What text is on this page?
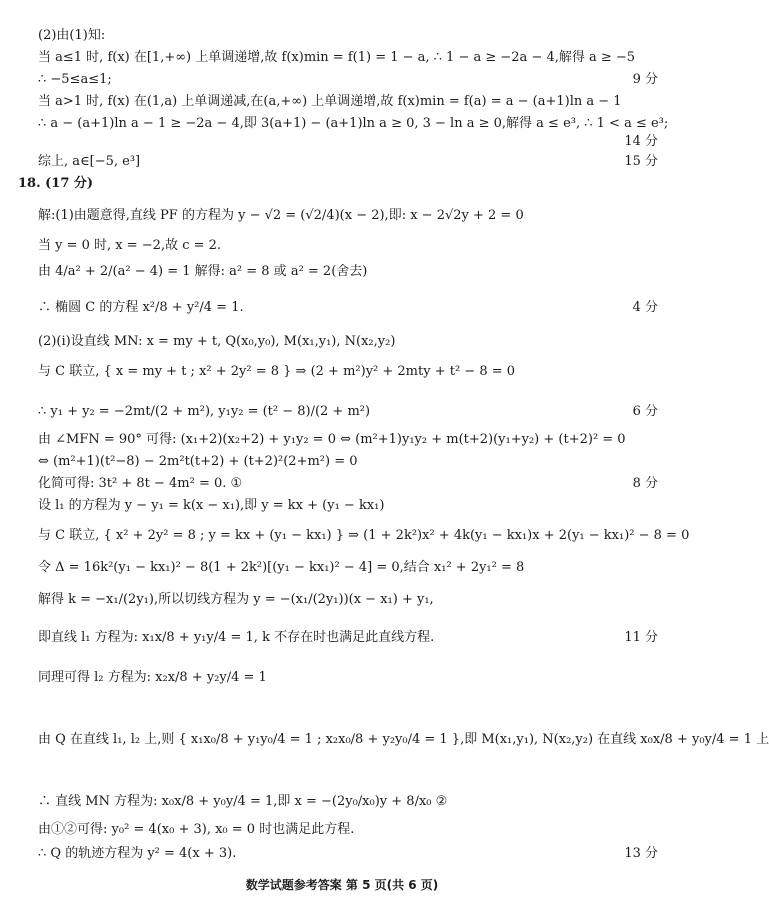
(2)由(1)知:
当 a≤1 时, f(x) 在[1,+∞) 上单调递增,故 f(x)min = f(1) = 1 − a, ∴ 1 − a ≥ −2a − 4,解得 a ≥ −5
∴ −5≤a≤1;	9 分
当 a>1 时, f(x) 在(1,a) 上单调递减,在(a,+∞) 上单调递增,故 f(x)min = f(a) = a − (a+1)ln a − 1
∴ a − (a+1)ln a − 1 ≥ −2a − 4,即 3(a+1) − (a+1)ln a ≥ 0, 3 − ln a ≥ 0,解得 a ≤ e³, ∴ 1 < a ≤ e³;
14 分
综上, a∈[−5, e³]	15 分
18. (17 分)
解:(1)由题意得,直线 PF 的方程为 y − √2 = (√2/4)(x − 2),即: x − 2√2y + 2 = 0
当 y = 0 时, x = −2,故 c = 2.
由 4/a² + 2/(a² − 4) = 1 解得: a² = 8 或 a² = 2(舍去)
∴ 椭圆 C 的方程 x²/8 + y²/4 = 1.	4 分
(2)(ⅰ)设直线 MN: x = my + t, Q(x₀,y₀), M(x₁,y₁), N(x₂,y₂)
与 C 联立, { x = my + t ; x² + 2y² = 8 } ⇒ (2 + m²)y² + 2mty + t² − 8 = 0
∴ y₁ + y₂ = −2mt/(2 + m²), y₁y₂ = (t² − 8)/(2 + m²)	6 分
由 ∠MFN = 90° 可得: (x₁+2)(x₂+2) + y₁y₂ = 0 ⇔ (m²+1)y₁y₂ + m(t+2)(y₁+y₂) + (t+2)² = 0
⇔ (m²+1)(t²−8) − 2m²t(t+2) + (t+2)²(2+m²) = 0
化简可得: 3t² + 8t − 4m² = 0. ①	8 分
设 l₁ 的方程为 y − y₁ = k(x − x₁),即 y = kx + (y₁ − kx₁)
与 C 联立, { x² + 2y² = 8 ; y = kx + (y₁ − kx₁) } ⇒ (1 + 2k²)x² + 4k(y₁ − kx₁)x + 2(y₁ − kx₁)² − 8 = 0
令 Δ = 16k²(y₁ − kx₁)² − 8(1 + 2k²)[(y₁ − kx₁)² − 4] = 0,结合 x₁² + 2y₁² = 8
解得 k = −x₁/(2y₁),所以切线方程为 y = −(x₁/(2y₁))(x − x₁) + y₁,
即直线 l₁ 方程为: x₁x/8 + y₁y/4 = 1, k 不存在时也满足此直线方程.	11 分
同理可得 l₂ 方程为: x₂x/8 + y₂y/4 = 1
由 Q 在直线 l₁, l₂ 上,则 { x₁x₀/8 + y₁y₀/4 = 1 ; x₂x₀/8 + y₂y₀/4 = 1 },即 M(x₁,y₁), N(x₂,y₂) 在直线 x₀x/8 + y₀y/4 = 1 上
∴ 直线 MN 方程为: x₀x/8 + y₀y/4 = 1,即 x = −(2y₀/x₀)y + 8/x₀ ②
由①②可得: y₀² = 4(x₀ + 3), x₀ = 0 时也满足此方程.
∴ Q 的轨迹方程为 y² = 4(x + 3).	13 分
数学试题参考答案 第 5 页(共 6 页)
